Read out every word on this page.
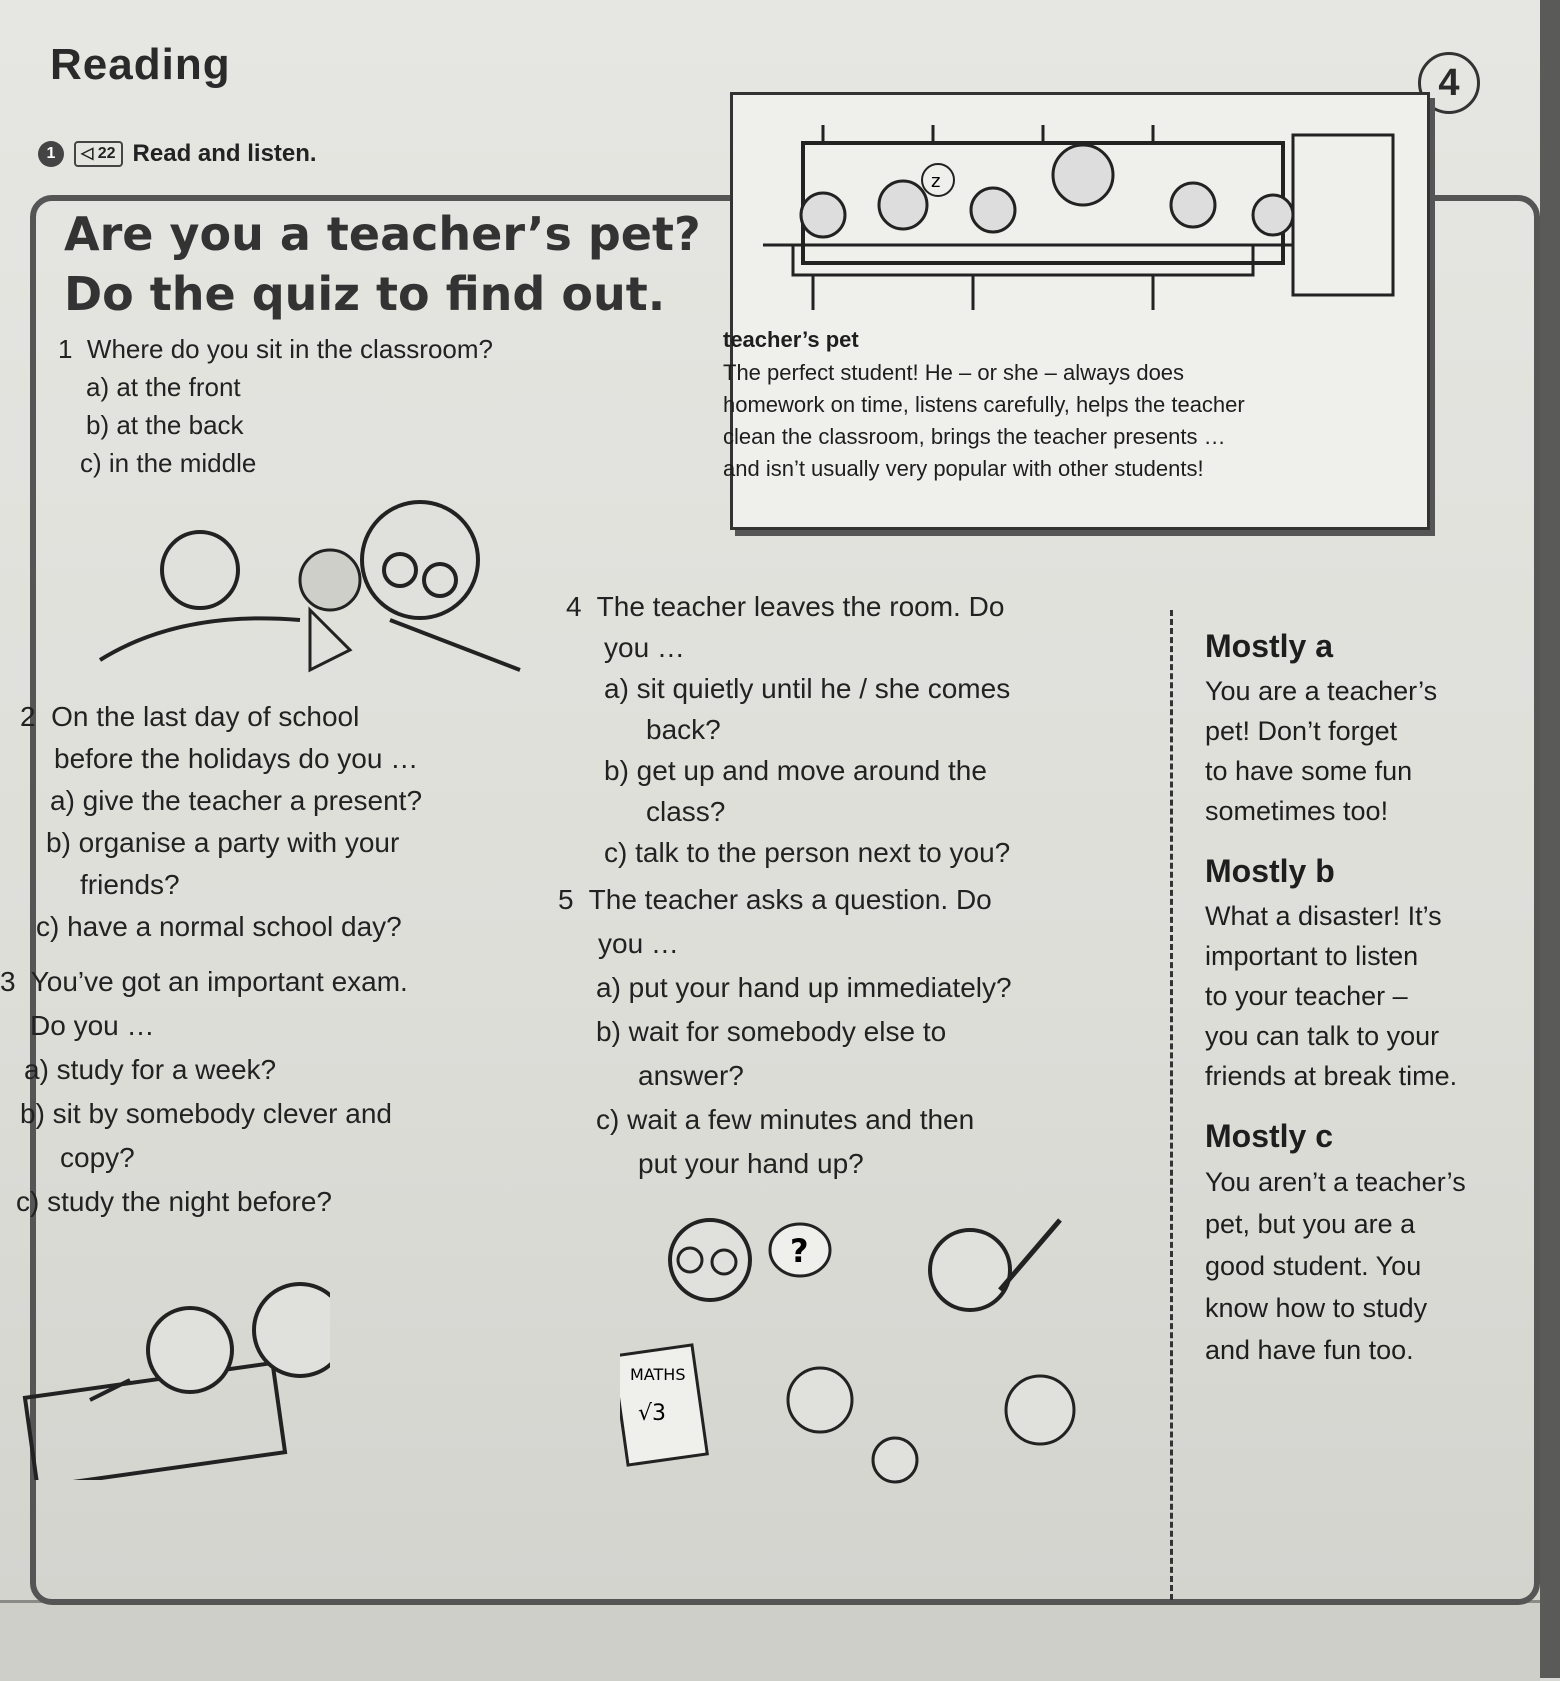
Reading	4
1	◁ 22 Read and listen.
z
teacher’s pet
The perfect student! He – or she – always does
homework on time, listens carefully, helps the teacher
clean the classroom, brings the teacher presents …
and isn’t usually very popular with other students!
Are you a teacher’s pet?
Do the quiz to find out.
1 Where do you sit in the classroom?
a) at the front
b) at the back
c) in the middle
2 On the last day of school
before the holidays do you …
a) give the teacher a present?
b) organise a party with your
friends?
c) have a normal school day?
3 You’ve got an important exam.
Do you …
a) study for a week?
b) sit by somebody clever and
copy?
c) study the night before?
4 The teacher leaves the room. Do
you …
a) sit quietly until he / she comes
back?
b) get up and move around the
class?
c) talk to the person next to you?
5 The teacher asks a question. Do
you …
a) put your hand up immediately?
b) wait for somebody else to
answer?
c) wait a few minutes and then
put your hand up?
?
MATHS
√3
Mostly a
You are a teacher’s
pet! Don’t forget
to have some fun
sometimes too!
Mostly b
What a disaster! It’s
important to listen
to your teacher –
you can talk to your
friends at break time.
Mostly c
You aren’t a teacher’s
pet, but you are a
good student. You
know how to study
and have fun too.
